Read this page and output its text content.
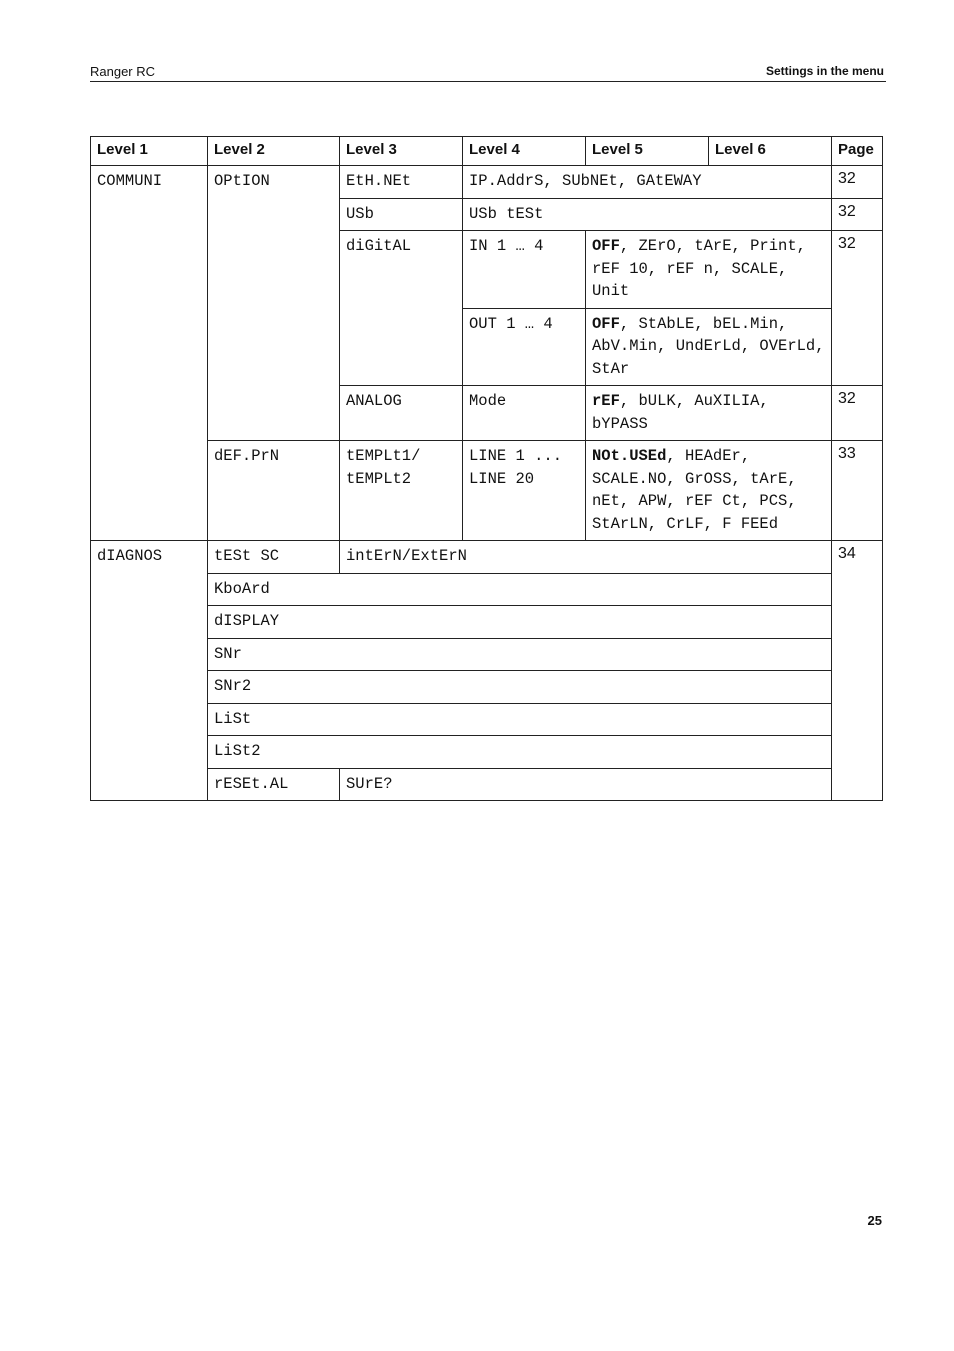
Ranger RC	Settings in the menu
Level 1	Level 2	Level 3	Level 4	Level 5	Level 6	Page
COMMUNI	OPtION	EtH.NEt	IP.AddrS, SUbNEt, GAtEWAY			32
		USb	USb tESt			32
		diGitAL	IN 1 … 4	OFF, ZErO, tArE, Print, rEF 10, rEF n, SCALE, Unit		32
			OUT 1 … 4	OFF, StAbLE, bEL.Min, AbV.Min, UndErLd, OVErLd, StAr		
		ANALOG	Mode	rEF, bULK, AuXILIA, bYPASS		32
	dEF.PrN	tEMPLt1/ tEMPLt2	LINE 1 ... LINE 20	NOt.USEd, HEAdEr, SCALE.NO, GrOSS, tArE, nEt, APW, rEF Ct, PCS, StArLN, CrLF, F FEEd		33
dIAGNOS	tESt SC	intErN/ExtErN				34
	KboArd					
	dISPLAY					
	SNr					
	SNr2					
	LiSt					
	LiSt2					
	rESEt.AL	SUrE?				
25
